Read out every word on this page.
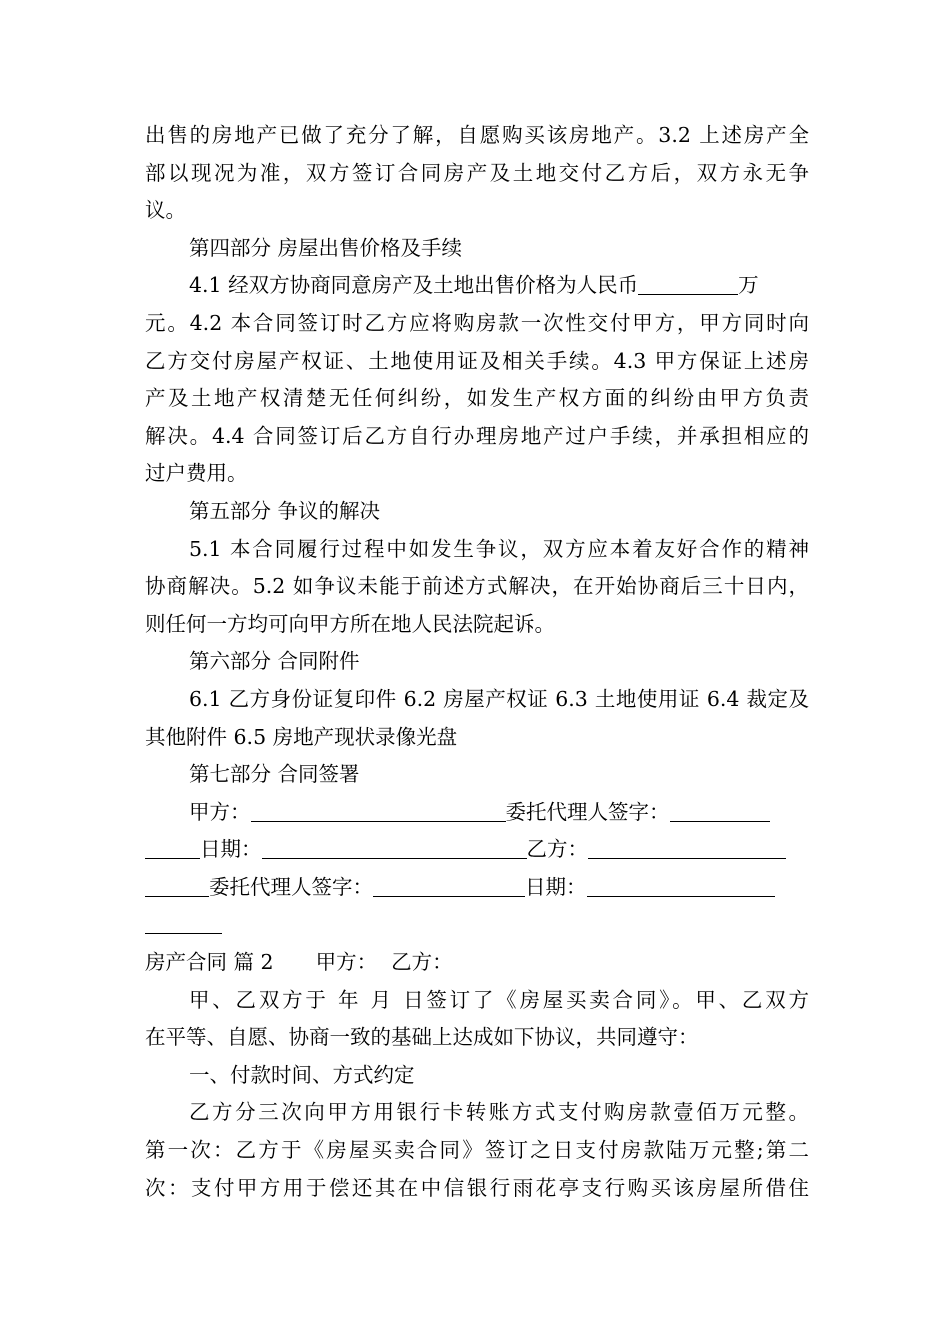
出售的房地产已做了充分了解，自愿购买该房地产。3.2 上述房产全
部以现况为准，双方签订合同房产及土地交付乙方后，双方永无争
议。
第四部分 房屋出售价格及手续
4.1 经双方协商同意房产及土地出售价格为人民币	万
元。4.2 本合同签订时乙方应将购房款一次性交付甲方，甲方同时向
乙方交付房屋产权证、土地使用证及相关手续。4.3 甲方保证上述房
产及土地产权清楚无任何纠纷，如发生产权方面的纠纷由甲方负责
解决。4.4 合同签订后乙方自行办理房地产过户手续，并承担相应的
过户费用。
第五部分 争议的解决
5.1 本合同履行过程中如发生争议，双方应本着友好合作的精神
协商解决。5.2 如争议未能于前述方式解决，在开始协商后三十日内，
则任何一方均可向甲方所在地人民法院起诉。
第六部分 合同附件
6.1 乙方身份证复印件 6.2 房屋产权证 6.3 土地使用证 6.4 裁定及
其他附件 6.5 房地产现状录像光盘
第七部分 合同签署
甲方：	委托代理人签字：
日期：	乙方：
委托代理人签字：	日期：
房产合同 篇 2 甲方： 乙方：
甲、乙双方于 年 月 日签订了《房屋买卖合同》。甲、乙双方
在平等、自愿、协商一致的基础上达成如下协议，共同遵守：
一、付款时间、方式约定
乙方分三次向甲方用银行卡转账方式支付购房款壹佰万元整。
第一次：乙方于《房屋买卖合同》签订之日支付房款陆万元整;第二
次：支付甲方用于偿还其在中信银行雨花亭支行购买该房屋所借住
